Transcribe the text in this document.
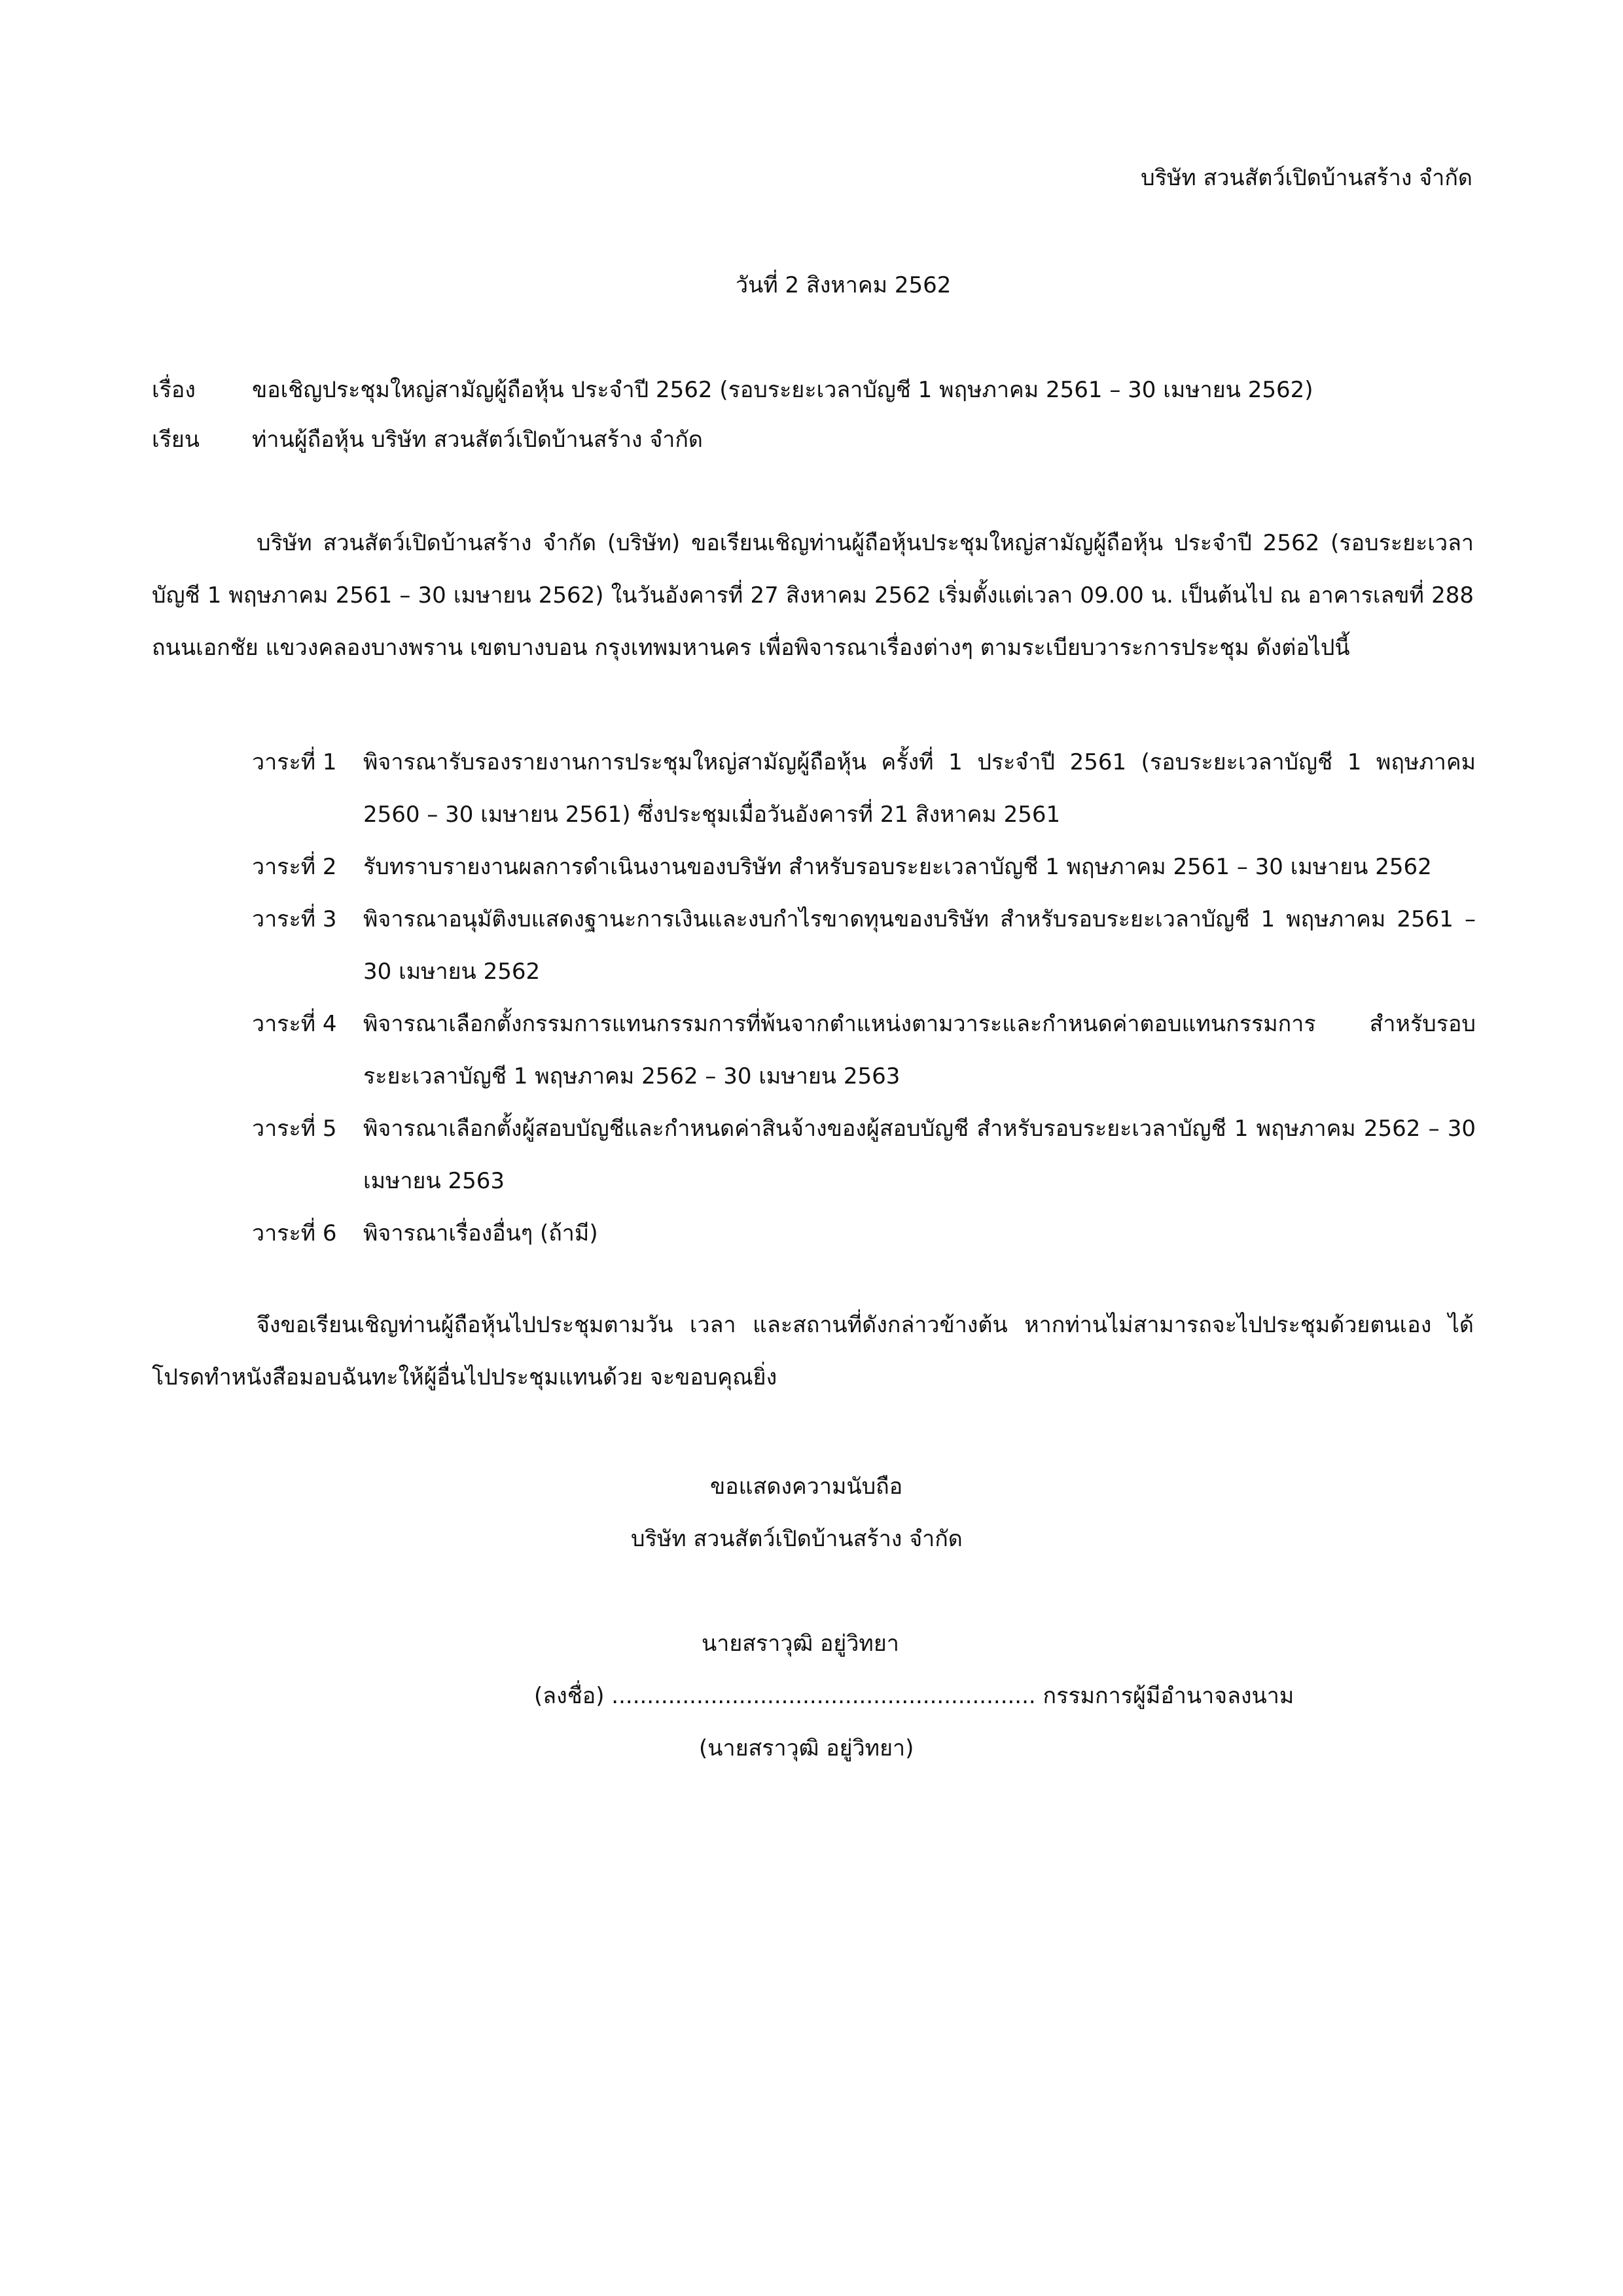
บริษัท สวนสัตว์เปิดบ้านสร้าง จำกัด
วันที่ 2 สิงหาคม 2562
เรื่อง	ขอเชิญประชุมใหญ่สามัญผู้ถือหุ้น ประจำปี 2562 (รอบระยะเวลาบัญชี 1 พฤษภาคม 2561 – 30 เมษายน 2562)
เรียน ท่านผู้ถือหุ้น บริษัท สวนสัตว์เปิดบ้านสร้าง จำกัด
บริษัท สวนสัตว์เปิดบ้านสร้าง จำกัด (บริษัท) ขอเรียนเชิญท่านผู้ถือหุ้นประชุมใหญ่สามัญผู้ถือหุ้น ประจำปี 2562 (รอบระยะเวลาบัญชี 1 พฤษภาคม 2561 – 30 เมษายน 2562) ในวันอังคารที่ 27 สิงหาคม 2562 เริ่มตั้งแต่เวลา 09.00 น. เป็นต้นไป ณ อาคารเลขที่ 288 ถนนเอกชัย แขวงคลองบางพราน เขตบางบอน กรุงเทพมหานคร เพื่อพิจารณาเรื่องต่างๆ ตามระเบียบวาระการประชุม ดังต่อไปนี้
วาระที่ 1	พิจารณารับรองรายงานการประชุมใหญ่สามัญผู้ถือหุ้น ครั้งที่ 1 ประจำปี 2561 (รอบระยะเวลาบัญชี 1 พฤษภาคม 2560 – 30 เมษายน 2561) ซึ่งประชุมเมื่อวันอังคารที่ 21 สิงหาคม 2561
วาระที่ 2	รับทราบรายงานผลการดำเนินงานของบริษัท สำหรับรอบระยะเวลาบัญชี 1 พฤษภาคม 2561 – 30 เมษายน 2562
วาระที่ 3	พิจารณาอนุมัติงบแสดงฐานะการเงินและงบกำไรขาดทุนของบริษัท สำหรับรอบระยะเวลาบัญชี 1 พฤษภาคม 2561 – 30 เมษายน 2562
วาระที่ 4	พิจารณาเลือกตั้งกรรมการแทนกรรมการที่พ้นจากตำแหน่งตามวาระและกำหนดค่าตอบแทนกรรมการ สำหรับรอบระยะเวลาบัญชี 1 พฤษภาคม 2562 – 30 เมษายน 2563
วาระที่ 5	พิจารณาเลือกตั้งผู้สอบบัญชีและกำหนดค่าสินจ้างของผู้สอบบัญชี สำหรับรอบระยะเวลาบัญชี 1 พฤษภาคม 2562 – 30 เมษายน 2563
วาระที่ 6	พิจารณาเรื่องอื่นๆ (ถ้ามี)
จึงขอเรียนเชิญท่านผู้ถือหุ้นไปประชุมตามวัน เวลา และสถานที่ดังกล่าวข้างต้น หากท่านไม่สามารถจะไปประชุมด้วยตนเอง ได้โปรดทำหนังสือมอบฉันทะให้ผู้อื่นไปประชุมแทนด้วย จะขอบคุณยิ่ง
ขอแสดงความนับถือ
บริษัท สวนสัตว์เปิดบ้านสร้าง จำกัด
นายสราวุฒิ อยู่วิทยา
(ลงชื่อ) ............................................................ กรรมการผู้มีอำนาจลงนาม
(นายสราวุฒิ อยู่วิทยา)
